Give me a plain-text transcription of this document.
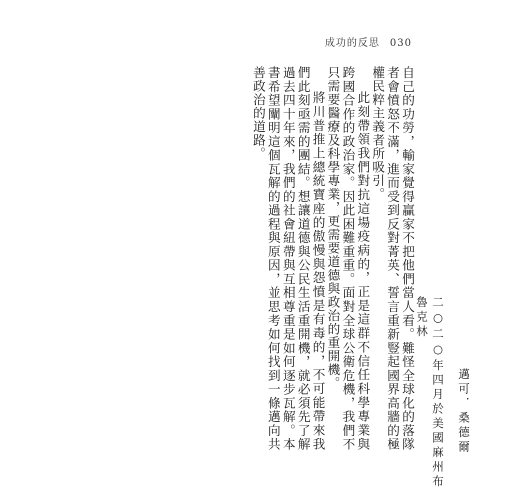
成功的反思 030

自己的功勞，輸家覺得贏家不把他們當人看。難怪全球化的落隊者會憤怒不滿，進而受到反對菁英、誓言重新豎起國界高牆的極權民粹主義者所吸引。

此刻帶領我們對抗這場疫病的，正是這群不信任科學專業與跨國合作的政治家。因此困難重重。面對全球公衛危機，我們不只需要醫療及科學專業，更需要道德與政治的重開機。

將川普推上總統寶座的傲慢與怨憤是有毒的，不可能帶來我們此刻亟需的團結。想讓道德與公民生活重開機，就必須先了解過去四十年來，我們的社會紐帶與互相尊重是如何逐步瓦解。本書希望闡明這個瓦解的過程與原因，並思考如何找到一條邁向共善政治的道路。

邁可．桑德爾
二○二○年四月於美國麻州布魯克林
